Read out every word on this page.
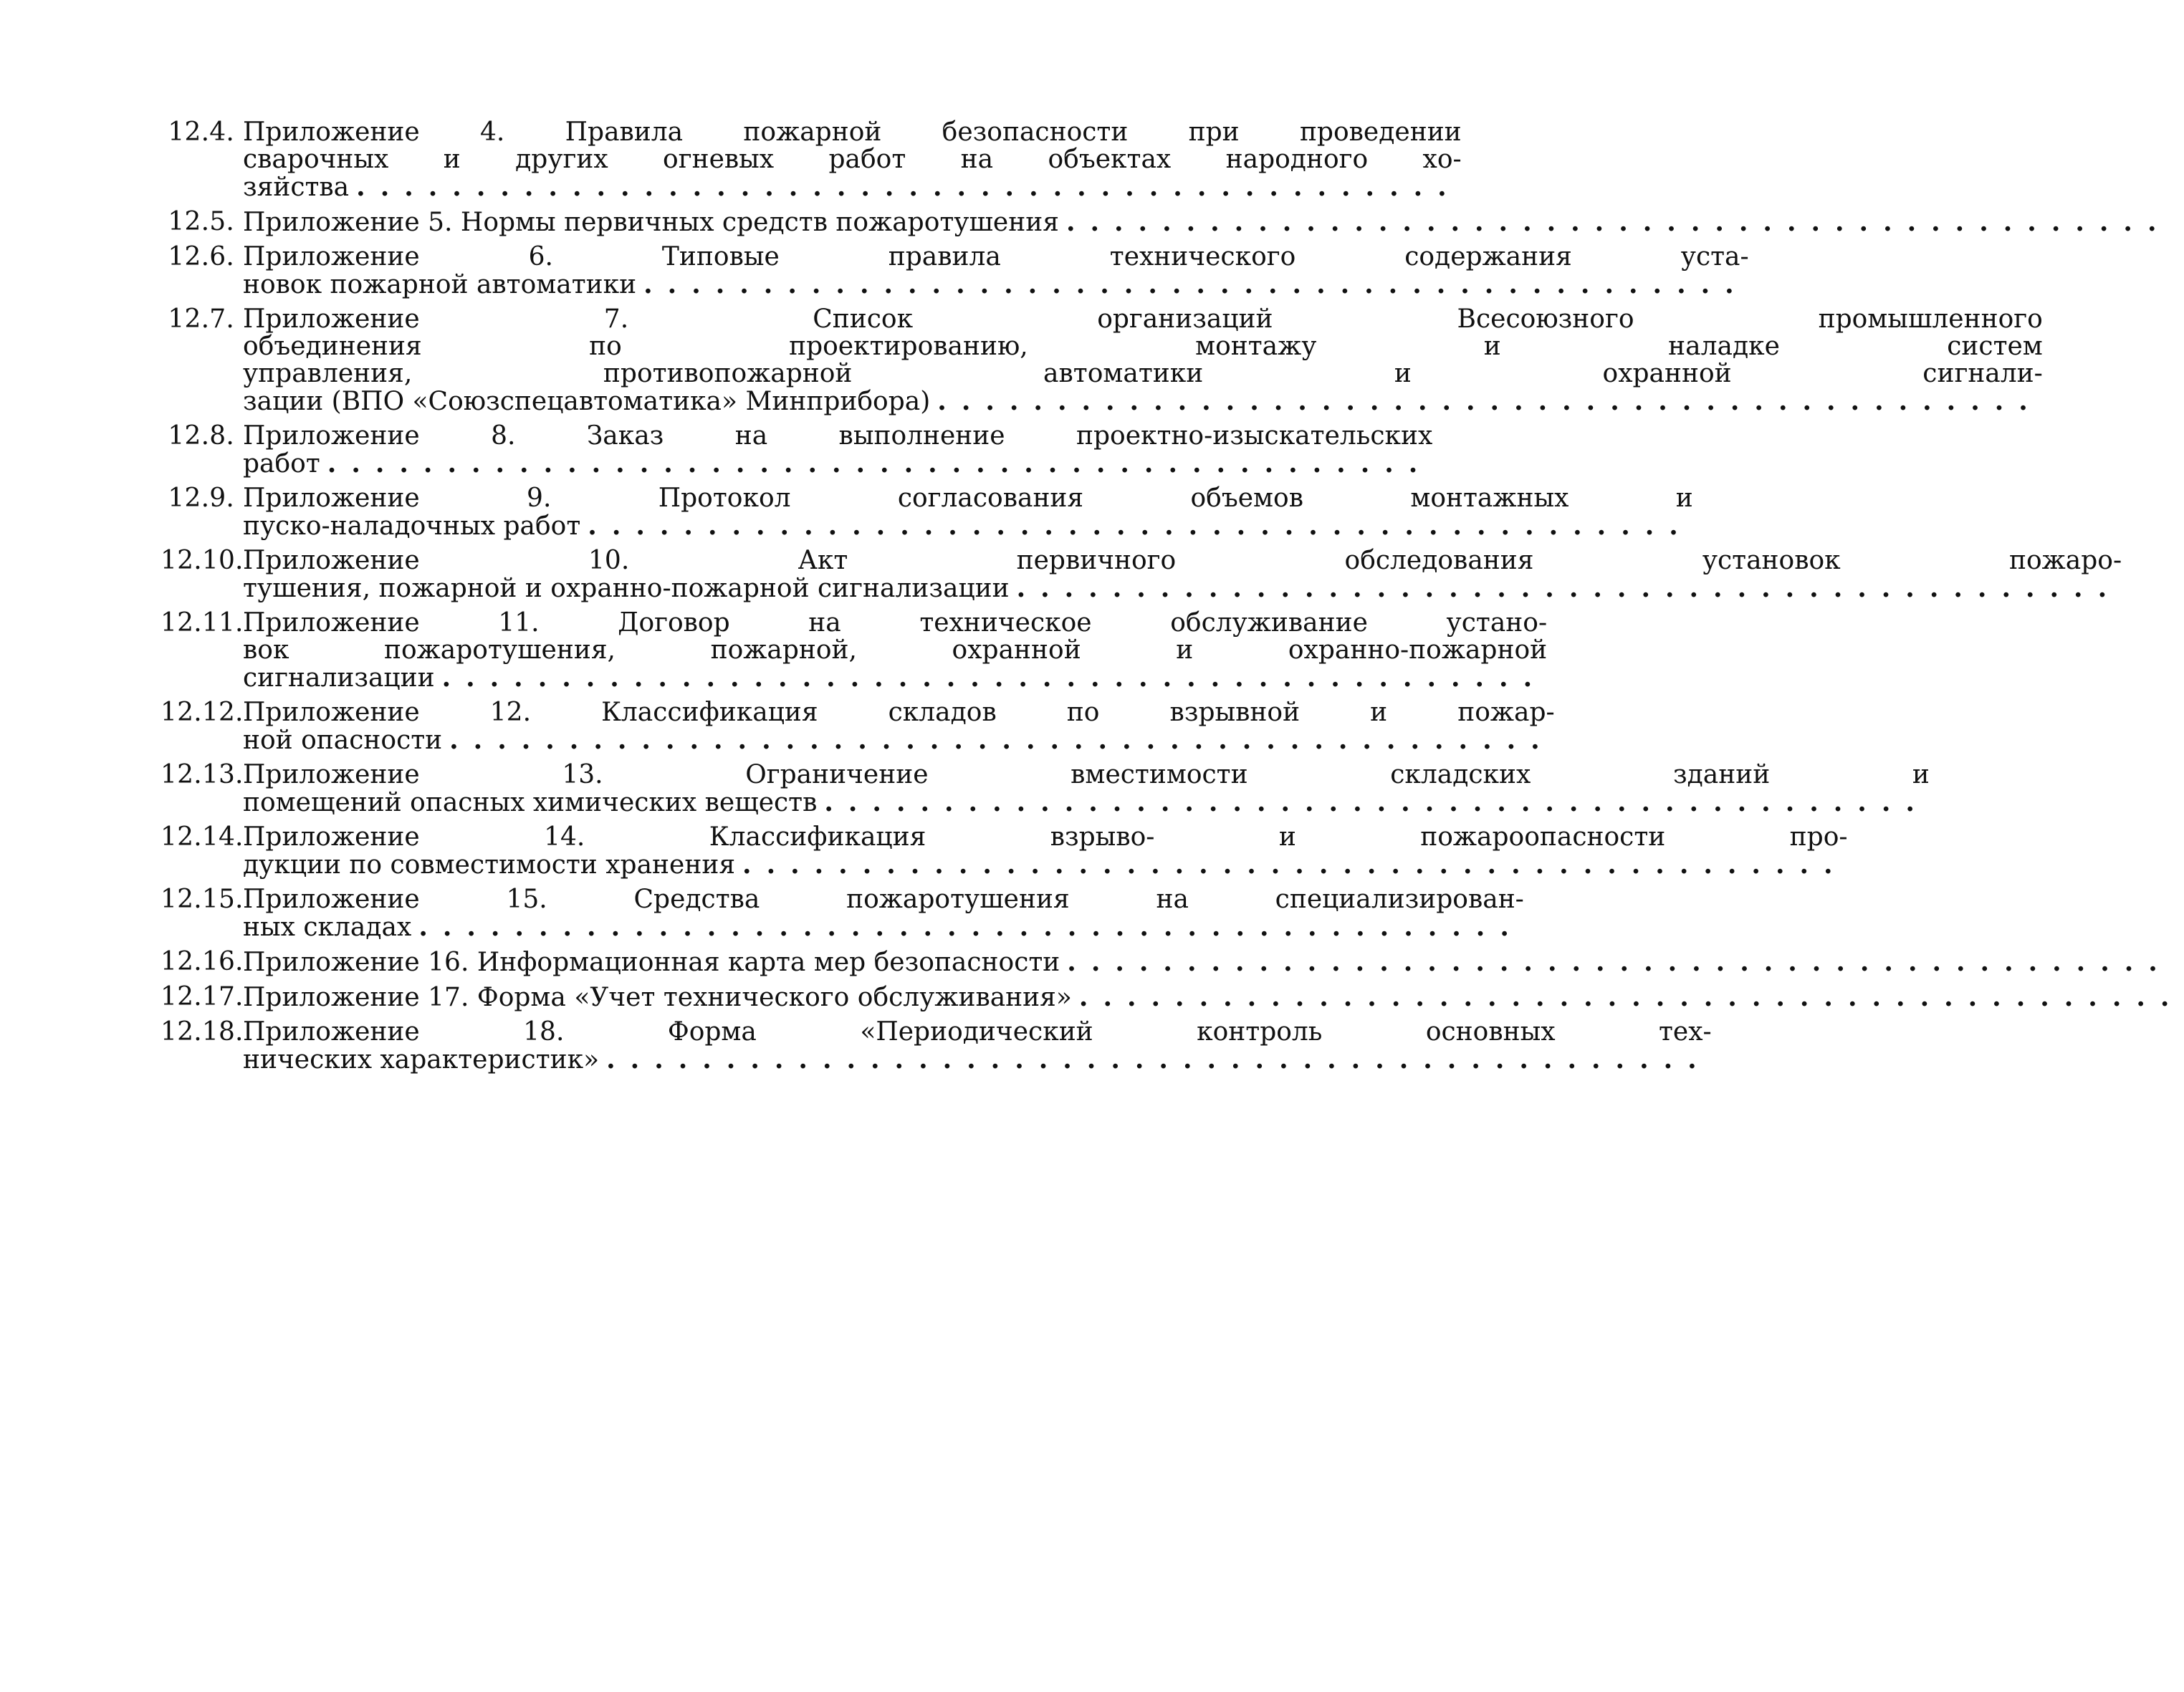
12.4. Приложение 4. Правила пожарной безопасности при проведении
сварочных и других огневых работ на объектах народного хо-
зяйства ..............................................
12.5. Приложение 5. Нормы первичных средств пожаротушения ..............................................
12.6. Приложение 6. Типовые правила технического содержания уста-
новок пожарной автоматики ..............................................
12.7. Приложение 7. Список организаций Всесоюзного промышленного
объединения по проектированию, монтажу и наладке систем
управления, противопожарной автоматики и охранной сигнали-
зации (ВПО «Союзспецавтоматика» Минприбора) ..............................................
12.8. Приложение 8. Заказ на выполнение проектно-изыскательских
работ ..............................................
12.9. Приложение 9. Протокол согласования объемов монтажных и
пуско-наладочных работ ..............................................
12.10. Приложение 10. Акт первичного обследования установок пожаро-
тушения, пожарной и охранно-пожарной сигнализации ..............................................
12.11. Приложение 11. Договор на техническое обслуживание устано-
вок пожаротушения, пожарной, охранной и охранно-пожарной
сигнализации ..............................................
12.12. Приложение 12. Классификация складов по взрывной и пожар-
ной опасности ..............................................
12.13. Приложение 13. Ограничение вместимости складских зданий и
помещений опасных химических веществ ..............................................
12.14. Приложение 14. Классификация взрыво- и пожароопасности про-
дукции по совместимости хранения ..............................................
12.15. Приложение 15. Средства пожаротушения на специализирован-
ных складах ..............................................
12.16. Приложение 16. Информационная карта мер безопасности ..............................................
12.17. Приложение 17. Форма «Учет технического обслуживания» ..............................................
12.18. Приложение 18. Форма «Периодический контроль основных тех-
нических характеристик» ..............................................
